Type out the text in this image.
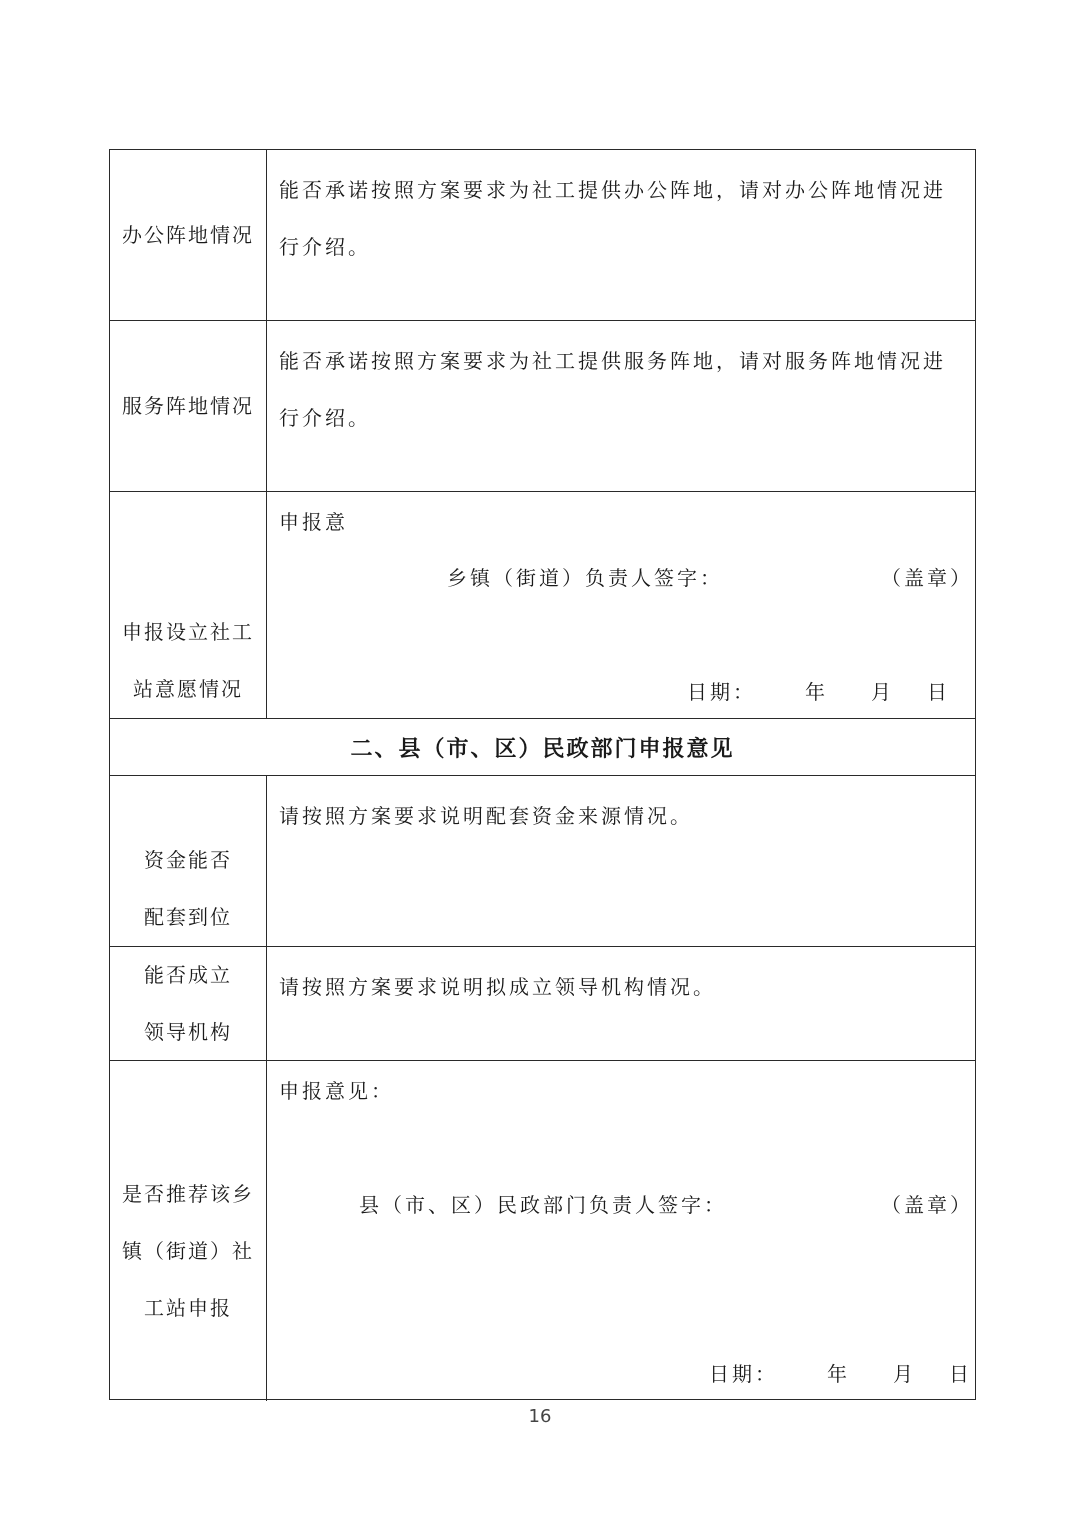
办公阵地情况
能否承诺按照方案要求为社工提供办公阵地，请对办公阵地情况进行介绍。
服务阵地情况
能否承诺按照方案要求为社工提供服务阵地，请对服务阵地情况进行介绍。
申报设立社工
站意愿情况
申报意
乡镇（街道）负责人签字：	（盖章）
日期： 年 月 日
二、县（市、区）民政部门申报意见
资金能否
配套到位
请按照方案要求说明配套资金来源情况。
能否成立
领导机构
请按照方案要求说明拟成立领导机构情况。
是否推荐该乡
镇（街道）社
工站申报
申报意见：
县（市、区）民政部门负责人签字：	（盖章）
日期： 年 月 日
16
